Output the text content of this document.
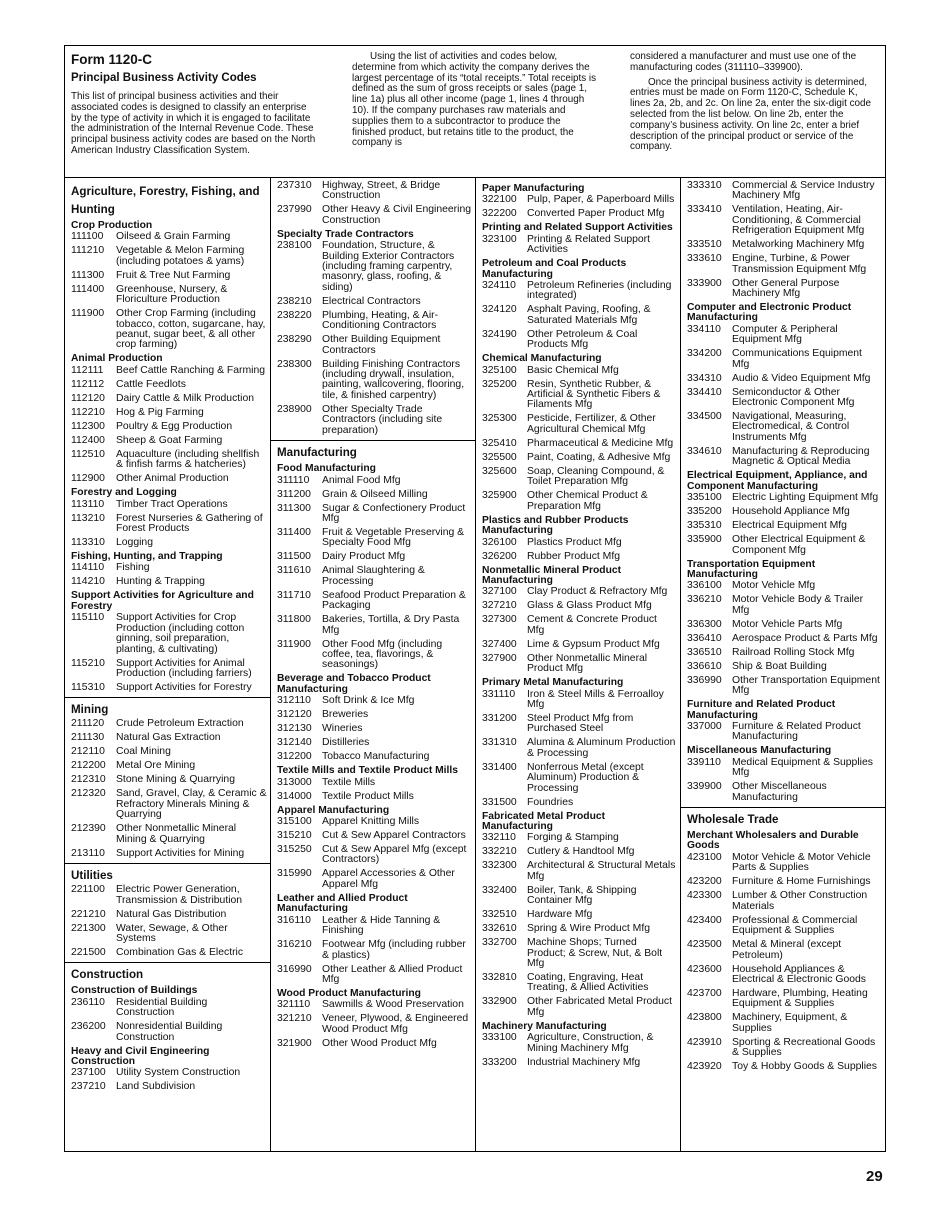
Form 1120-C
Principal Business Activity Codes

This list of principal business activities and their associated codes is designed to classify an enterprise by the type of activity in which it is engaged to facilitate the administration of the Internal Revenue Code. These principal business activity codes are based on the North American Industry Classification System.

Using the list of activities and codes below, determine from which activity the company derives the largest percentage of its “total receipts.” Total receipts is defined as the sum of gross receipts or sales (page 1, line 1a) plus all other income (page 1, lines 4 through 10). If the company purchases raw materials and supplies them to a subcontractor to produce the finished product, but retains title to the product, the company is

considered a manufacturer and must use one of the manufacturing codes (311110–339900).

Once the principal business activity is determined, entries must be made on Form 1120-C, Schedule K, lines 2a, 2b, and 2c. On line 2a, enter the six-digit code selected from the list below. On line 2b, enter the company’s business activity. On line 2c, enter a brief description of the principal product or service of the company.

Agriculture, Forestry, Fishing, and Hunting
Crop Production
111100	Oilseed & Grain Farming
111210	Vegetable & Melon Farming (including potatoes & yams)
111300	Fruit & Tree Nut Farming
111400	Greenhouse, Nursery, & Floriculture Production
111900	Other Crop Farming (including tobacco, cotton, sugarcane, hay, peanut, sugar beet, & all other crop farming)
Animal Production
112111	Beef Cattle Ranching & Farming
112112	Cattle Feedlots
112120	Dairy Cattle & Milk Production
112210	Hog & Pig Farming
112300	Poultry & Egg Production
112400	Sheep & Goat Farming
112510	Aquaculture (including shellfish & finfish farms & hatcheries)
112900	Other Animal Production
Forestry and Logging
113110	Timber Tract Operations
113210	Forest Nurseries & Gathering of Forest Products
113310	Logging
Fishing, Hunting, and Trapping
114110	Fishing
114210	Hunting & Trapping
Support Activities for Agriculture and Forestry
115110	Support Activities for Crop Production (including cotton ginning, soil preparation, planting, & cultivating)
115210	Support Activities for Animal Production (including farriers)
115310	Support Activities for Forestry
Mining
211120	Crude Petroleum Extraction
211130	Natural Gas Extraction
212110	Coal Mining
212200 Metal Ore Mining
212310 Stone Mining & Quarrying
212320 Sand, Gravel, Clay, & Ceramic & Refractory Minerals Mining & Quarrying
212390 Other Nonmetallic Mineral Mining & Quarrying
213110	Support Activities for Mining
Utilities
221100	Electric Power Generation, Transmission & Distribution
221210 Natural Gas Distribution
221300 Water, Sewage, & Other Systems
221500 Combination Gas & Electric
Construction
Construction of Buildings
236110	Residential Building Construction
236200 Nonresidential Building Construction
Heavy and Civil Engineering Construction
237100 Utility System Construction
237210 Land Subdivision
237310 Highway, Street, & Bridge Construction
237990 Other Heavy & Civil Engineering Construction
Specialty Trade Contractors
238100 Foundation, Structure, & Building Exterior Contractors (including framing carpentry, masonry, glass, roofing, & siding)
238210 Electrical Contractors
238220 Plumbing, Heating, & Air-Conditioning Contractors
238290 Other Building Equipment Contractors
238300 Building Finishing Contractors (including drywall, insulation, painting, wallcovering, flooring, tile, & finished carpentry)
238900 Other Specialty Trade Contractors (including site preparation)
Manufacturing
Food Manufacturing
311110	Animal Food Mfg
311200	Grain & Oilseed Milling
311300	Sugar & Confectionery Product Mfg
311400	Fruit & Vegetable Preserving & Specialty Food Mfg
311500	Dairy Product Mfg
311610	Animal Slaughtering & Processing
311710	Seafood Product Preparation & Packaging
311800	Bakeries, Tortilla, & Dry Pasta Mfg
311900	Other Food Mfg (including coffee, tea, flavorings, & seasonings)
Beverage and Tobacco Product Manufacturing
312110	Soft Drink & Ice Mfg
312120 Breweries
312130 Wineries
312140 Distilleries
312200 Tobacco Manufacturing
Textile Mills and Textile Product Mills
313000 Textile Mills
314000 Textile Product Mills
Apparel Manufacturing
315100 Apparel Knitting Mills
315210 Cut & Sew Apparel Contractors
315250 Cut & Sew Apparel Mfg (except Contractors)
315990 Apparel Accessories & Other Apparel Mfg
Leather and Allied Product Manufacturing
316110	Leather & Hide Tanning & Finishing
316210 Footwear Mfg (including rubber & plastics)
316990 Other Leather & Allied Product Mfg
Wood Product Manufacturing
321110	Sawmills & Wood Preservation
321210 Veneer, Plywood, & Engineered Wood Product Mfg
321900 Other Wood Product Mfg
Paper Manufacturing
322100 Pulp, Paper, & Paperboard Mills
322200 Converted Paper Product Mfg
Printing and Related Support Activities
323100 Printing & Related Support Activities
Petroleum and Coal Products Manufacturing
324110	Petroleum Refineries (including integrated)
324120 Asphalt Paving, Roofing, & Saturated Materials Mfg
324190 Other Petroleum & Coal Products Mfg
Chemical Manufacturing
325100 Basic Chemical Mfg
325200 Resin, Synthetic Rubber, & Artificial & Synthetic Fibers & Filaments Mfg
325300 Pesticide, Fertilizer, & Other Agricultural Chemical Mfg
325410 Pharmaceutical & Medicine Mfg
325500 Paint, Coating, & Adhesive Mfg
325600 Soap, Cleaning Compound, & Toilet Preparation Mfg
325900 Other Chemical Product & Preparation Mfg
Plastics and Rubber Products Manufacturing
326100 Plastics Product Mfg
326200 Rubber Product Mfg
Nonmetallic Mineral Product Manufacturing
327100 Clay Product & Refractory Mfg
327210 Glass & Glass Product Mfg
327300 Cement & Concrete Product Mfg
327400 Lime & Gypsum Product Mfg
327900 Other Nonmetallic Mineral Product Mfg
Primary Metal Manufacturing
331110	Iron & Steel Mills & Ferroalloy Mfg
331200 Steel Product Mfg from Purchased Steel
331310 Alumina & Aluminum Production & Processing
331400 Nonferrous Metal (except Aluminum) Production & Processing
331500 Foundries
Fabricated Metal Product Manufacturing
332110	Forging & Stamping
332210 Cutlery & Handtool Mfg
332300 Architectural & Structural Metals Mfg
332400 Boiler, Tank, & Shipping Container Mfg
332510 Hardware Mfg
332610 Spring & Wire Product Mfg
332700 Machine Shops; Turned Product; & Screw, Nut, & Bolt Mfg
332810 Coating, Engraving, Heat Treating, & Allied Activities
332900 Other Fabricated Metal Product Mfg
Machinery Manufacturing
333100 Agriculture, Construction, & Mining Machinery Mfg
333200 Industrial Machinery Mfg
333310 Commercial & Service Industry Machinery Mfg
333410 Ventilation, Heating, Air-Conditioning, & Commercial Refrigeration Equipment Mfg
333510 Metalworking Machinery Mfg
333610 Engine, Turbine, & Power Transmission Equipment Mfg
333900 Other General Purpose Machinery Mfg
Computer and Electronic Product Manufacturing
334110	Computer & Peripheral Equipment Mfg
334200 Communications Equipment Mfg
334310 Audio & Video Equipment Mfg
334410 Semiconductor & Other Electronic Component Mfg
334500 Navigational, Measuring, Electromedical, & Control Instruments Mfg
334610 Manufacturing & Reproducing Magnetic & Optical Media
Electrical Equipment, Appliance, and Component Manufacturing
335100 Electric Lighting Equipment Mfg
335200 Household Appliance Mfg
335310 Electrical Equipment Mfg
335900 Other Electrical Equipment & Component Mfg
Transportation Equipment Manufacturing
336100 Motor Vehicle Mfg
336210 Motor Vehicle Body & Trailer Mfg
336300 Motor Vehicle Parts Mfg
336410 Aerospace Product & Parts Mfg
336510 Railroad Rolling Stock Mfg
336610 Ship & Boat Building
336990 Other Transportation Equipment Mfg
Furniture and Related Product Manufacturing
337000 Furniture & Related Product Manufacturing
Miscellaneous Manufacturing
339110	Medical Equipment & Supplies Mfg
339900 Other Miscellaneous Manufacturing
Wholesale Trade
Merchant Wholesalers and Durable Goods
423100 Motor Vehicle & Motor Vehicle Parts & Supplies
423200 Furniture & Home Furnishings
423300 Lumber & Other Construction Materials
423400 Professional & Commercial Equipment & Supplies
423500 Metal & Mineral (except Petroleum)
423600 Household Appliances & Electrical & Electronic Goods
423700 Hardware, Plumbing, Heating Equipment & Supplies
423800 Machinery, Equipment, & Supplies
423910 Sporting & Recreational Goods & Supplies
423920 Toy & Hobby Goods & Supplies
29
